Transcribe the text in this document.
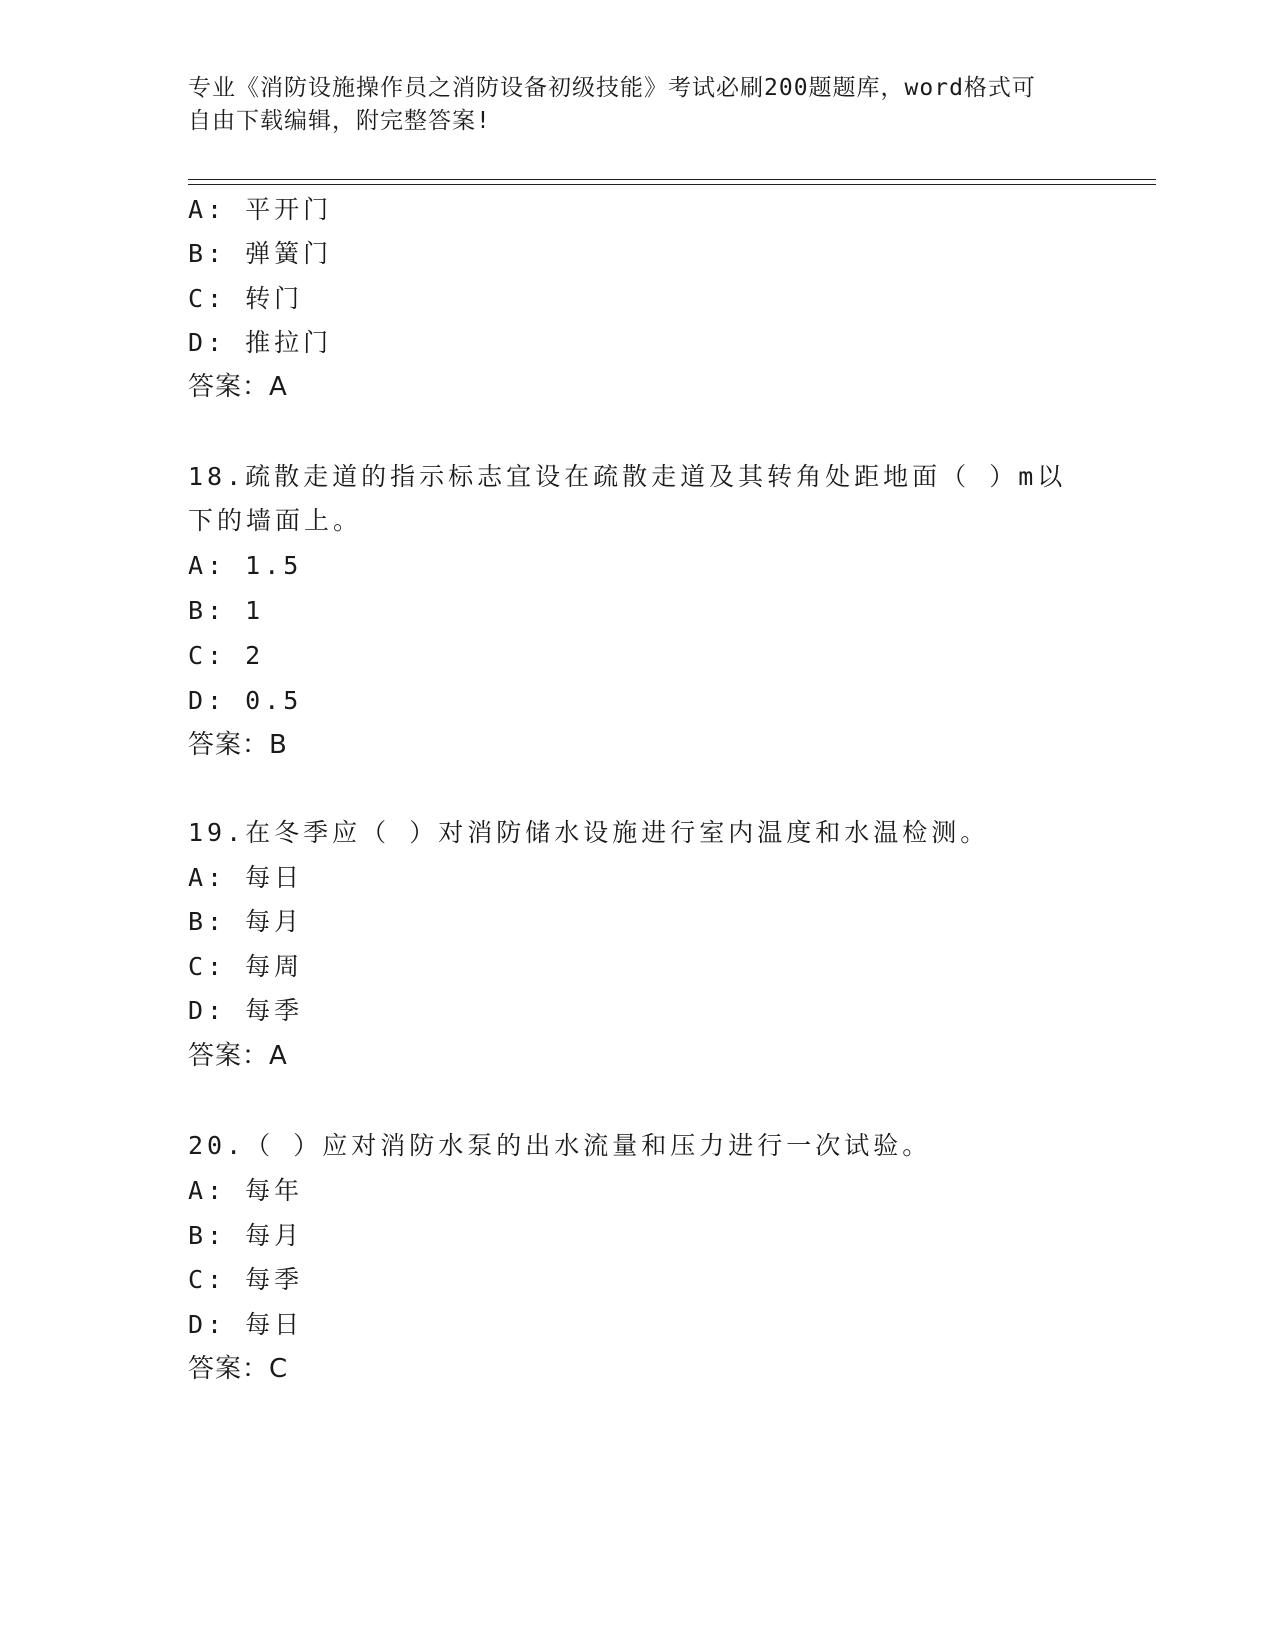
专业《消防设施操作员之消防设备初级技能》考试必刷200题题库，word格式可
自由下载编辑，附完整答案!
A: 平开门
B: 弹簧门
C: 转门
D: 推拉门
答案：A
18.疏散走道的指示标志宜设在疏散走道及其转角处距地面（ ）m以
下的墙面上。
A: 1.5
B: 1
C: 2
D: 0.5
答案：B
19.在冬季应（ ）对消防储水设施进行室内温度和水温检测。
A: 每日
B: 每月
C: 每周
D: 每季
答案：A
20.（ ）应对消防水泵的出水流量和压力进行一次试验。
A: 每年
B: 每月
C: 每季
D: 每日
答案：C
